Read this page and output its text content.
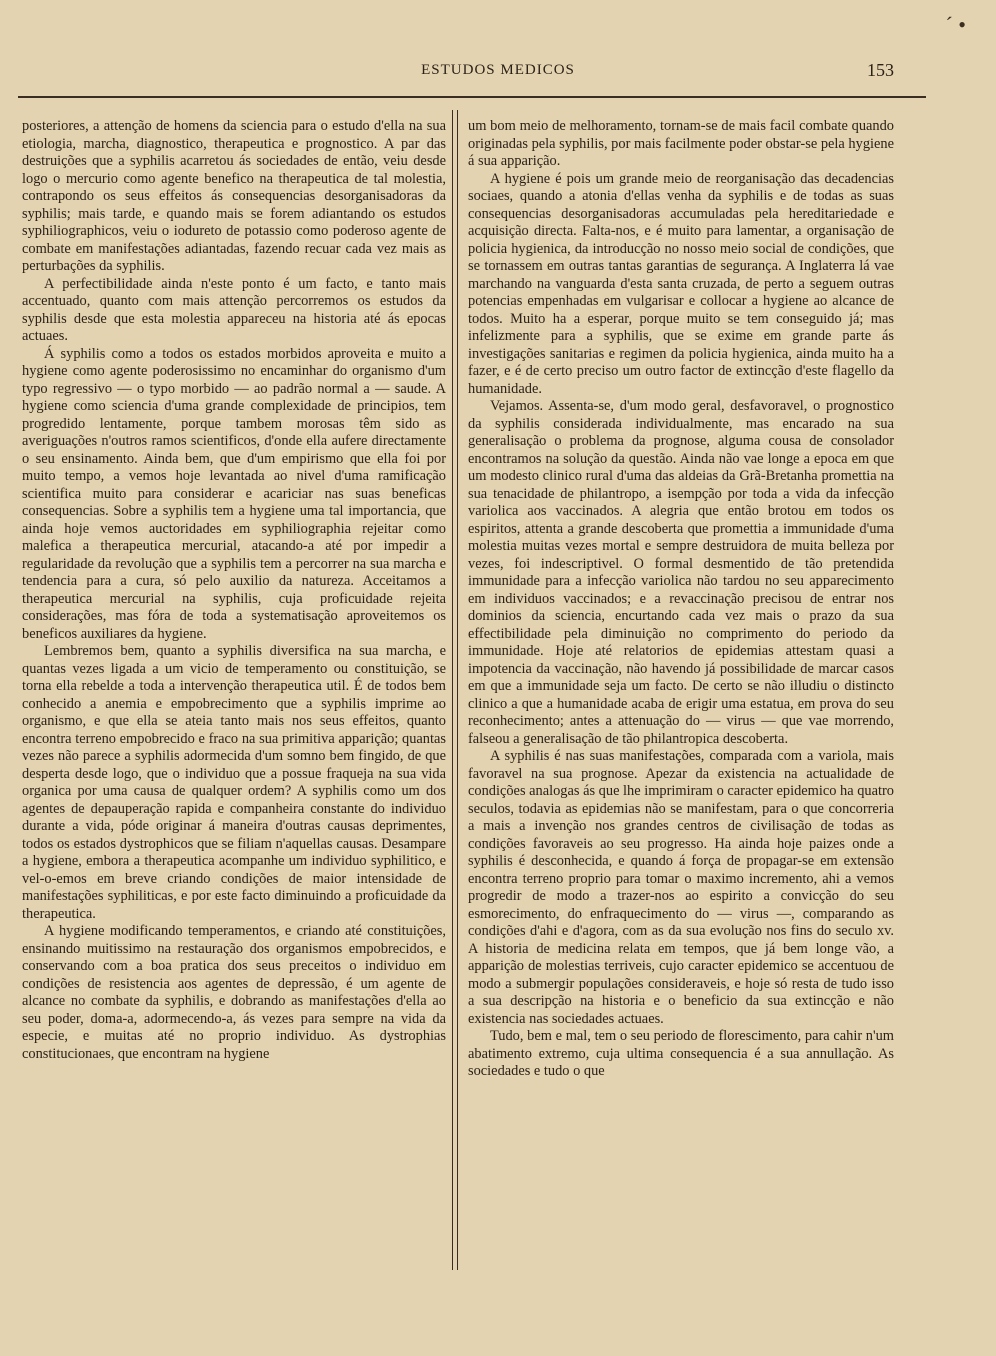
ˊ •
ESTUDOS MEDICOS	153

posteriores, a attenção de homens da sciencia para o estudo d'ella na sua etiologia, marcha, diagnostico, therapeutica e prognostico. A par das destruições que a syphilis acarretou ás sociedades de então, veiu desde logo o mercurio como agente benefico na therapeutica de tal molestia, contrapondo os seus effeitos ás consequencias desorganisadoras da syphilis; mais tarde, e quando mais se forem adiantando os estudos syphiliographicos, veiu o iodureto de potassio como poderoso agente de combate em manifestações adiantadas, fazendo recuar cada vez mais as perturbações da syphilis.

A perfectibilidade ainda n'este ponto é um facto, e tanto mais accentuado, quanto com mais attenção percorremos os estudos da syphilis desde que esta molestia appareceu na historia até ás epocas actuaes.

Á syphilis como a todos os estados morbidos aproveita e muito a hygiene como agente poderosissimo no encaminhar do organismo d'um typo regressivo — o typo morbido — ao padrão normal a — saude. A hygiene como sciencia d'uma grande complexidade de principios, tem progredido lentamente, porque tambem morosas têm sido as averiguações n'outros ramos scientificos, d'onde ella aufere directamente o seu ensinamento. Ainda bem, que d'um empirismo que ella foi por muito tempo, a vemos hoje levantada ao nivel d'uma ramificação scientifica muito para considerar e acariciar nas suas beneficas consequencias. Sobre a syphilis tem a hygiene uma tal importancia, que ainda hoje vemos auctoridades em syphiliographia rejeitar como malefica a therapeutica mercurial, atacando-a até por impedir a regularidade da revolução que a syphilis tem a percorrer na sua marcha e tendencia para a cura, só pelo auxilio da natureza. Acceitamos a therapeutica mercurial na syphilis, cuja proficuidade rejeita considerações, mas fóra de toda a systematisação aproveitemos os beneficos auxiliares da hygiene.

Lembremos bem, quanto a syphilis diversifica na sua marcha, e quantas vezes ligada a um vicio de temperamento ou constituição, se torna ella rebelde a toda a intervenção therapeutica util. É de todos bem conhecido a anemia e empobrecimento que a syphilis imprime ao organismo, e que ella se ateia tanto mais nos seus effeitos, quanto encontra terreno empobrecido e fraco na sua primitiva apparição; quantas vezes não parece a syphilis adormecida d'um somno bem fingido, de que desperta desde logo, que o individuo que a possue fraqueja na sua vida organica por uma causa de qualquer ordem? A syphilis como um dos agentes de depauperação rapida e companheira constante do individuo durante a vida, póde originar á maneira d'outras causas deprimentes, todos os estados dystrophicos que se filiam n'aquellas causas. Desampare a hygiene, embora a therapeutica acompanhe um individuo syphilitico, e vel-o-emos em breve criando condições de maior intensidade de manifestações syphiliticas, e por este facto diminuindo a proficuidade da therapeutica.

A hygiene modificando temperamentos, e criando até constituições, ensinando muitissimo na restauração dos organismos empobrecidos, e conservando com a boa pratica dos seus preceitos o individuo em condições de resistencia aos agentes de depressão, é um agente de alcance no combate da syphilis, e dobrando as manifestações d'ella ao seu poder, doma-a, adormecendo-a, ás vezes para sempre na vida da especie, e muitas até no proprio individuo. As dystrophias constitucionaes, que encontram na hygiene

um bom meio de melhoramento, tornam-se de mais facil combate quando originadas pela syphilis, por mais facilmente poder obstar-se pela hygiene á sua apparição.

A hygiene é pois um grande meio de reorganisação das decadencias sociaes, quando a atonia d'ellas venha da syphilis e de todas as suas consequencias desorganisadoras accumuladas pela hereditariedade e acquisição directa. Falta-nos, e é muito para lamentar, a organisação de policia hygienica, da introducção no nosso meio social de condições, que se tornassem em outras tantas garantias de segurança. A Inglaterra lá vae marchando na vanguarda d'esta santa cruzada, de perto a seguem outras potencias empenhadas em vulgarisar e collocar a hygiene ao alcance de todos. Muito ha a esperar, porque muito se tem conseguido já; mas infelizmente para a syphilis, que se exime em grande parte ás investigações sanitarias e regimen da policia hygienica, ainda muito ha a fazer, e é de certo preciso um outro factor de extincção d'este flagello da humanidade.

Vejamos. Assenta-se, d'um modo geral, desfavoravel, o prognostico da syphilis considerada individualmente, mas encarado na sua generalisação o problema da prognose, alguma cousa de consolador encontramos na solução da questão. Ainda não vae longe a epoca em que um modesto clinico rural d'uma das aldeias da Grã-Bretanha promettia na sua tenacidade de philantropo, a isempção por toda a vida da infecção variolica aos vaccinados. A alegria que então brotou em todos os espiritos, attenta a grande descoberta que promettia a immunidade d'uma molestia muitas vezes mortal e sempre destruidora de muita belleza por vezes, foi indescriptivel. O formal desmentido de tão pretendida immunidade para a infecção variolica não tardou no seu apparecimento em individuos vaccinados; e a revaccinação precisou de entrar nos dominios da sciencia, encurtando cada vez mais o prazo da sua effectibilidade pela diminuição no comprimento do periodo da immunidade. Hoje até relatorios de epidemias attestam quasi a impotencia da vaccinação, não havendo já possibilidade de marcar casos em que a immunidade seja um facto. De certo se não illudiu o distincto clinico a que a humanidade acaba de erigir uma estatua, em prova do seu reconhecimento; antes a attenuação do — virus — que vae morrendo, falseou a generalisação de tão philantropica descoberta.

A syphilis é nas suas manifestações, comparada com a variola, mais favoravel na sua prognose. Apezar da existencia na actualidade de condições analogas ás que lhe imprimiram o caracter epidemico ha quatro seculos, todavia as epidemias não se manifestam, para o que concorreria a mais a invenção nos grandes centros de civilisação de todas as condições favoraveis ao seu progresso. Ha ainda hoje paizes onde a syphilis é desconhecida, e quando á força de propagar-se em extensão encontra terreno proprio para tomar o maximo incremento, ahi a vemos progredir de modo a trazer-nos ao espirito a convicção do seu esmorecimento, do enfraquecimento do — virus —, comparando as condições d'ahi e d'agora, com as da sua evolução nos fins do seculo xv. A historia de medicina relata em tempos, que já bem longe vão, a apparição de molestias terriveis, cujo caracter epidemico se accentuou de modo a submergir populações consideraveis, e hoje só resta de tudo isso a sua descripção na historia e o beneficio da sua extincção e não existencia nas sociedades actuaes.

Tudo, bem e mal, tem o seu periodo de florescimento, para cahir n'um abatimento extremo, cuja ultima consequencia é a sua annullação. As sociedades e tudo o que
